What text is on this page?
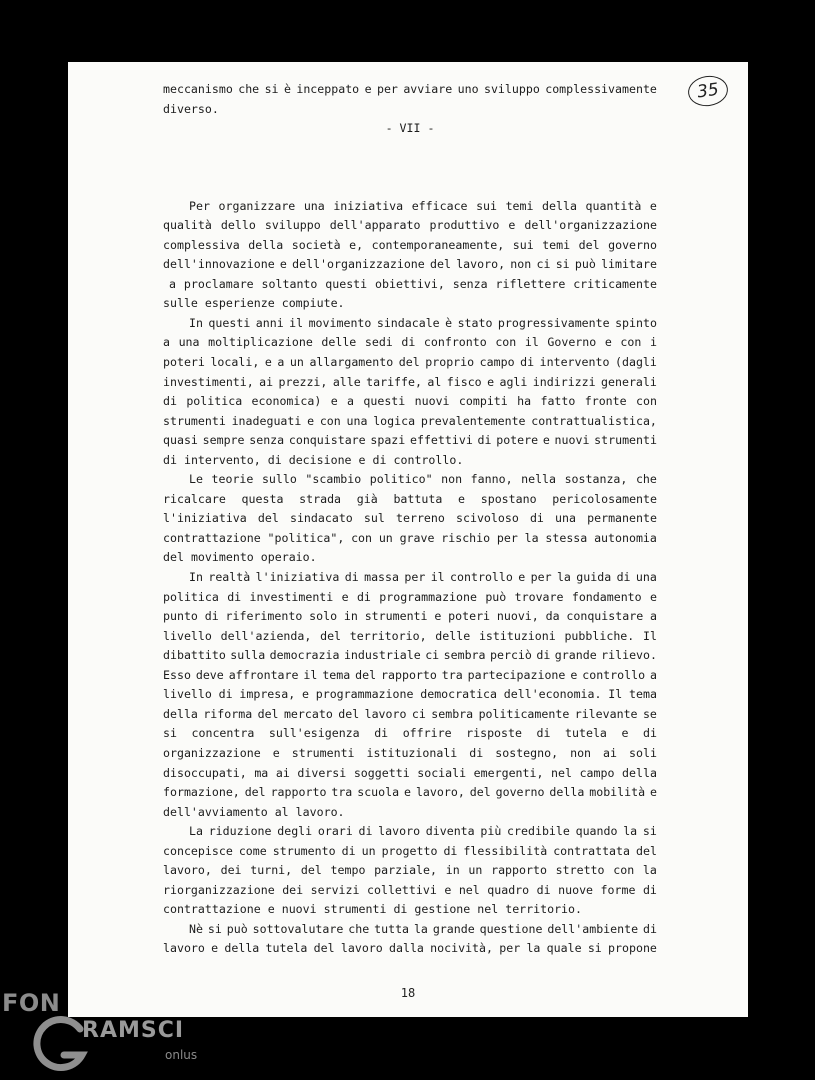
35
meccanismo che si è inceppato e per avviare uno sviluppo complessivamente
diverso.
- VII -
Per organizzare una iniziativa efficace sui temi della quantità e
qualità dello sviluppo dell'apparato produttivo e dell'organizzazione
complessiva della società e, contemporaneamente, sui temi del governo
dell'innovazione e dell'organizzazione del lavoro, non ci si può limitare
a proclamare soltanto questi obiettivi, senza riflettere criticamente
sulle esperienze compiute.
In questi anni il movimento sindacale è stato progressivamente spinto
a una moltiplicazione delle sedi di confronto con il Governo e con i
poteri locali, e a un allargamento del proprio campo di intervento (dagli
investimenti, ai prezzi, alle tariffe, al fisco e agli indirizzi generali
di politica economica) e a questi nuovi compiti ha fatto fronte con
strumenti inadeguati e con una logica prevalentemente contrattualistica,
quasi sempre senza conquistare spazi effettivi di potere e nuovi strumenti
di intervento, di decisione e di controllo.
Le teorie sullo "scambio politico" non fanno, nella sostanza, che
ricalcare questa strada già battuta e spostano pericolosamente
l'iniziativa del sindacato sul terreno scivoloso di una permanente
contrattazione "politica", con un grave rischio per la stessa autonomia
del movimento operaio.
In realtà l'iniziativa di massa per il controllo e per la guida di una
politica di investimenti e di programmazione può trovare fondamento e
punto di riferimento solo in strumenti e poteri nuovi, da conquistare a
livello dell'azienda, del territorio, delle istituzioni pubbliche. Il
dibattito sulla democrazia industriale ci sembra perciò di grande rilievo.
Esso deve affrontare il tema del rapporto tra partecipazione e controllo a
livello di impresa, e programmazione democratica dell'economia. Il tema
della riforma del mercato del lavoro ci sembra politicamente rilevante se
si concentra sull'esigenza di offrire risposte di tutela e di
organizzazione e strumenti istituzionali di sostegno, non ai soli
disoccupati, ma ai diversi soggetti sociali emergenti, nel campo della
formazione, del rapporto tra scuola e lavoro, del governo della mobilità e
dell'avviamento al lavoro.
La riduzione degli orari di lavoro diventa più credibile quando la si
concepisce come strumento di un progetto di flessibilità contrattata del
lavoro, dei turni, del tempo parziale, in un rapporto stretto con la
riorganizzazione dei servizi collettivi e nel quadro di nuove forme di
contrattazione e nuovi strumenti di gestione nel territorio.
Nè si può sottovalutare che tutta la grande questione dell'ambiente di
lavoro e della tutela del lavoro dalla nocività, per la quale si propone
18
FON
RAMSCI
onlus
